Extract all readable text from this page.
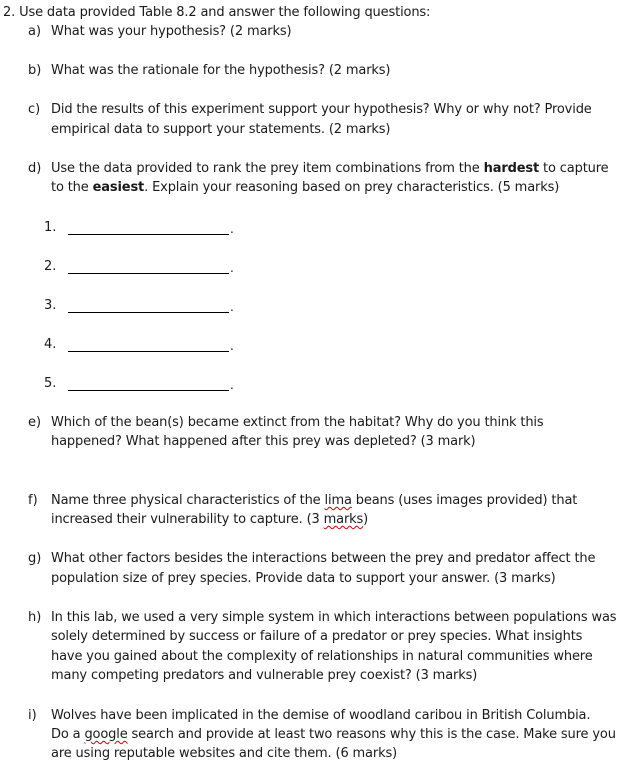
2. Use data provided Table 8.2 and answer the following questions:
a) What was your hypothesis? (2 marks)
b) What was the rationale for the hypothesis? (2 marks)
c) Did the results of this experiment support your hypothesis? Why or why not? Provide
empirical data to support your statements. (2 marks)
d) Use the data provided to rank the prey item combinations from the hardest to capture
to the easiest. Explain your reasoning based on prey characteristics. (5 marks)
1.	.
2.	.
3.	.
4.	.
5.	.
e) Which of the bean(s) became extinct from the habitat? Why do you think this
happened? What happened after this prey was depleted? (3 mark)
f) Name three physical characteristics of the lima beans (uses images provided) that
increased their vulnerability to capture. (3 marks)
g) What other factors besides the interactions between the prey and predator affect the
population size of prey species. Provide data to support your answer. (3 marks)
h) In this lab, we used a very simple system in which interactions between populations was
solely determined by success or failure of a predator or prey species. What insights
have you gained about the complexity of relationships in natural communities where
many competing predators and vulnerable prey coexist? (3 marks)
i) Wolves have been implicated in the demise of woodland caribou in British Columbia.
Do a google search and provide at least two reasons why this is the case. Make sure you
are using reputable websites and cite them. (6 marks)
